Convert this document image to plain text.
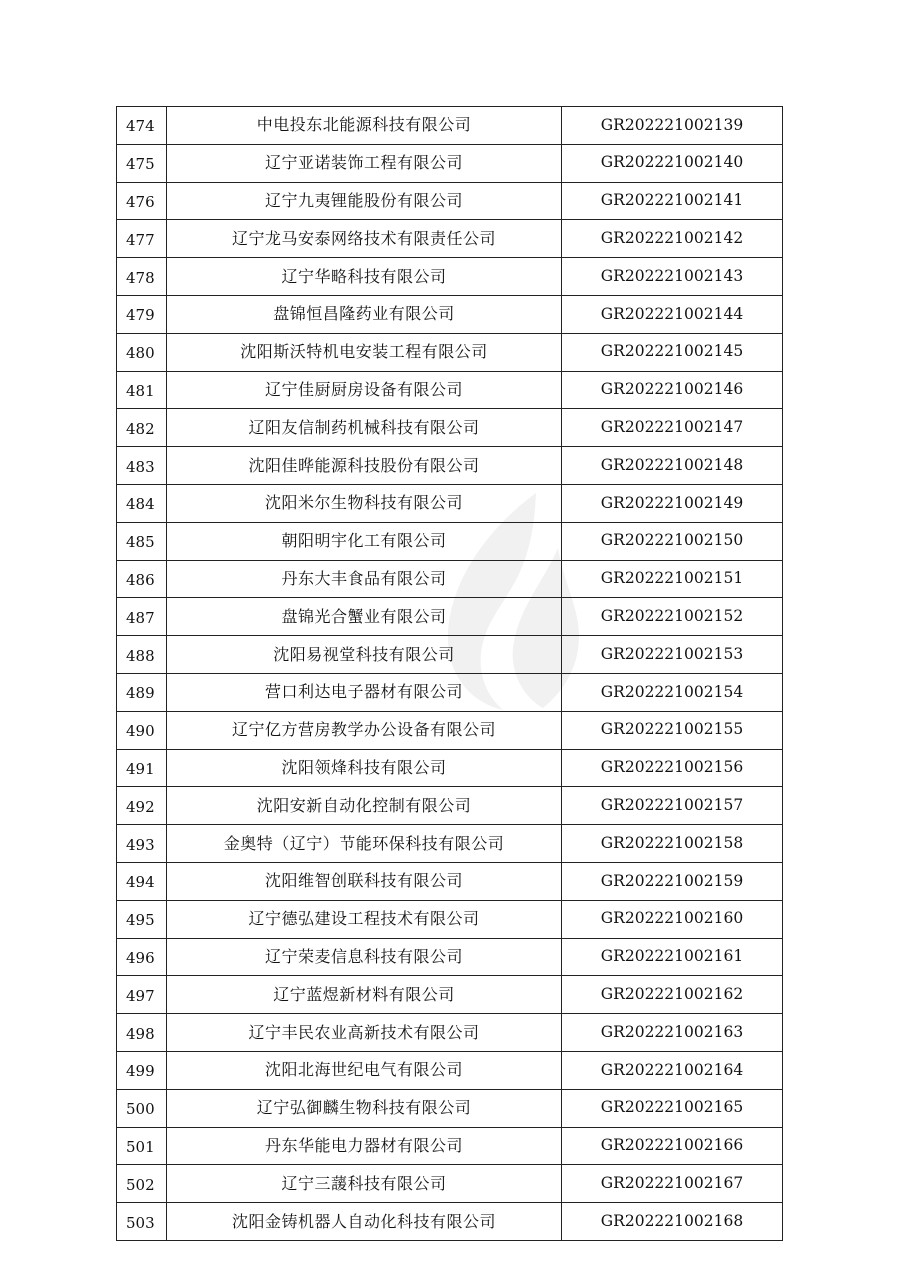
474	中电投东北能源科技有限公司	GR202221002139
475	辽宁亚诺装饰工程有限公司	GR202221002140
476	辽宁九夷锂能股份有限公司	GR202221002141
477	辽宁龙马安泰网络技术有限责任公司	GR202221002142
478	辽宁华略科技有限公司	GR202221002143
479	盘锦恒昌隆药业有限公司	GR202221002144
480	沈阳斯沃特机电安装工程有限公司	GR202221002145
481	辽宁佳厨厨房设备有限公司	GR202221002146
482	辽阳友信制药机械科技有限公司	GR202221002147
483	沈阳佳晔能源科技股份有限公司	GR202221002148
484	沈阳米尔生物科技有限公司	GR202221002149
485	朝阳明宇化工有限公司	GR202221002150
486	丹东大丰食品有限公司	GR202221002151
487	盘锦光合蟹业有限公司	GR202221002152
488	沈阳易视堂科技有限公司	GR202221002153
489	营口利达电子器材有限公司	GR202221002154
490	辽宁亿方营房教学办公设备有限公司	GR202221002155
491	沈阳领烽科技有限公司	GR202221002156
492	沈阳安新自动化控制有限公司	GR202221002157
493	金奥特（辽宁）节能环保科技有限公司	GR202221002158
494	沈阳维智创联科技有限公司	GR202221002159
495	辽宁德弘建设工程技术有限公司	GR202221002160
496	辽宁荣麦信息科技有限公司	GR202221002161
497	辽宁蓝煜新材料有限公司	GR202221002162
498	辽宁丰民农业高新技术有限公司	GR202221002163
499	沈阳北海世纪电气有限公司	GR202221002164
500	辽宁弘御麟生物科技有限公司	GR202221002165
501	丹东华能电力器材有限公司	GR202221002166
502	辽宁三蘐科技有限公司	GR202221002167
503	沈阳金铸机器人自动化科技有限公司	GR202221002168
